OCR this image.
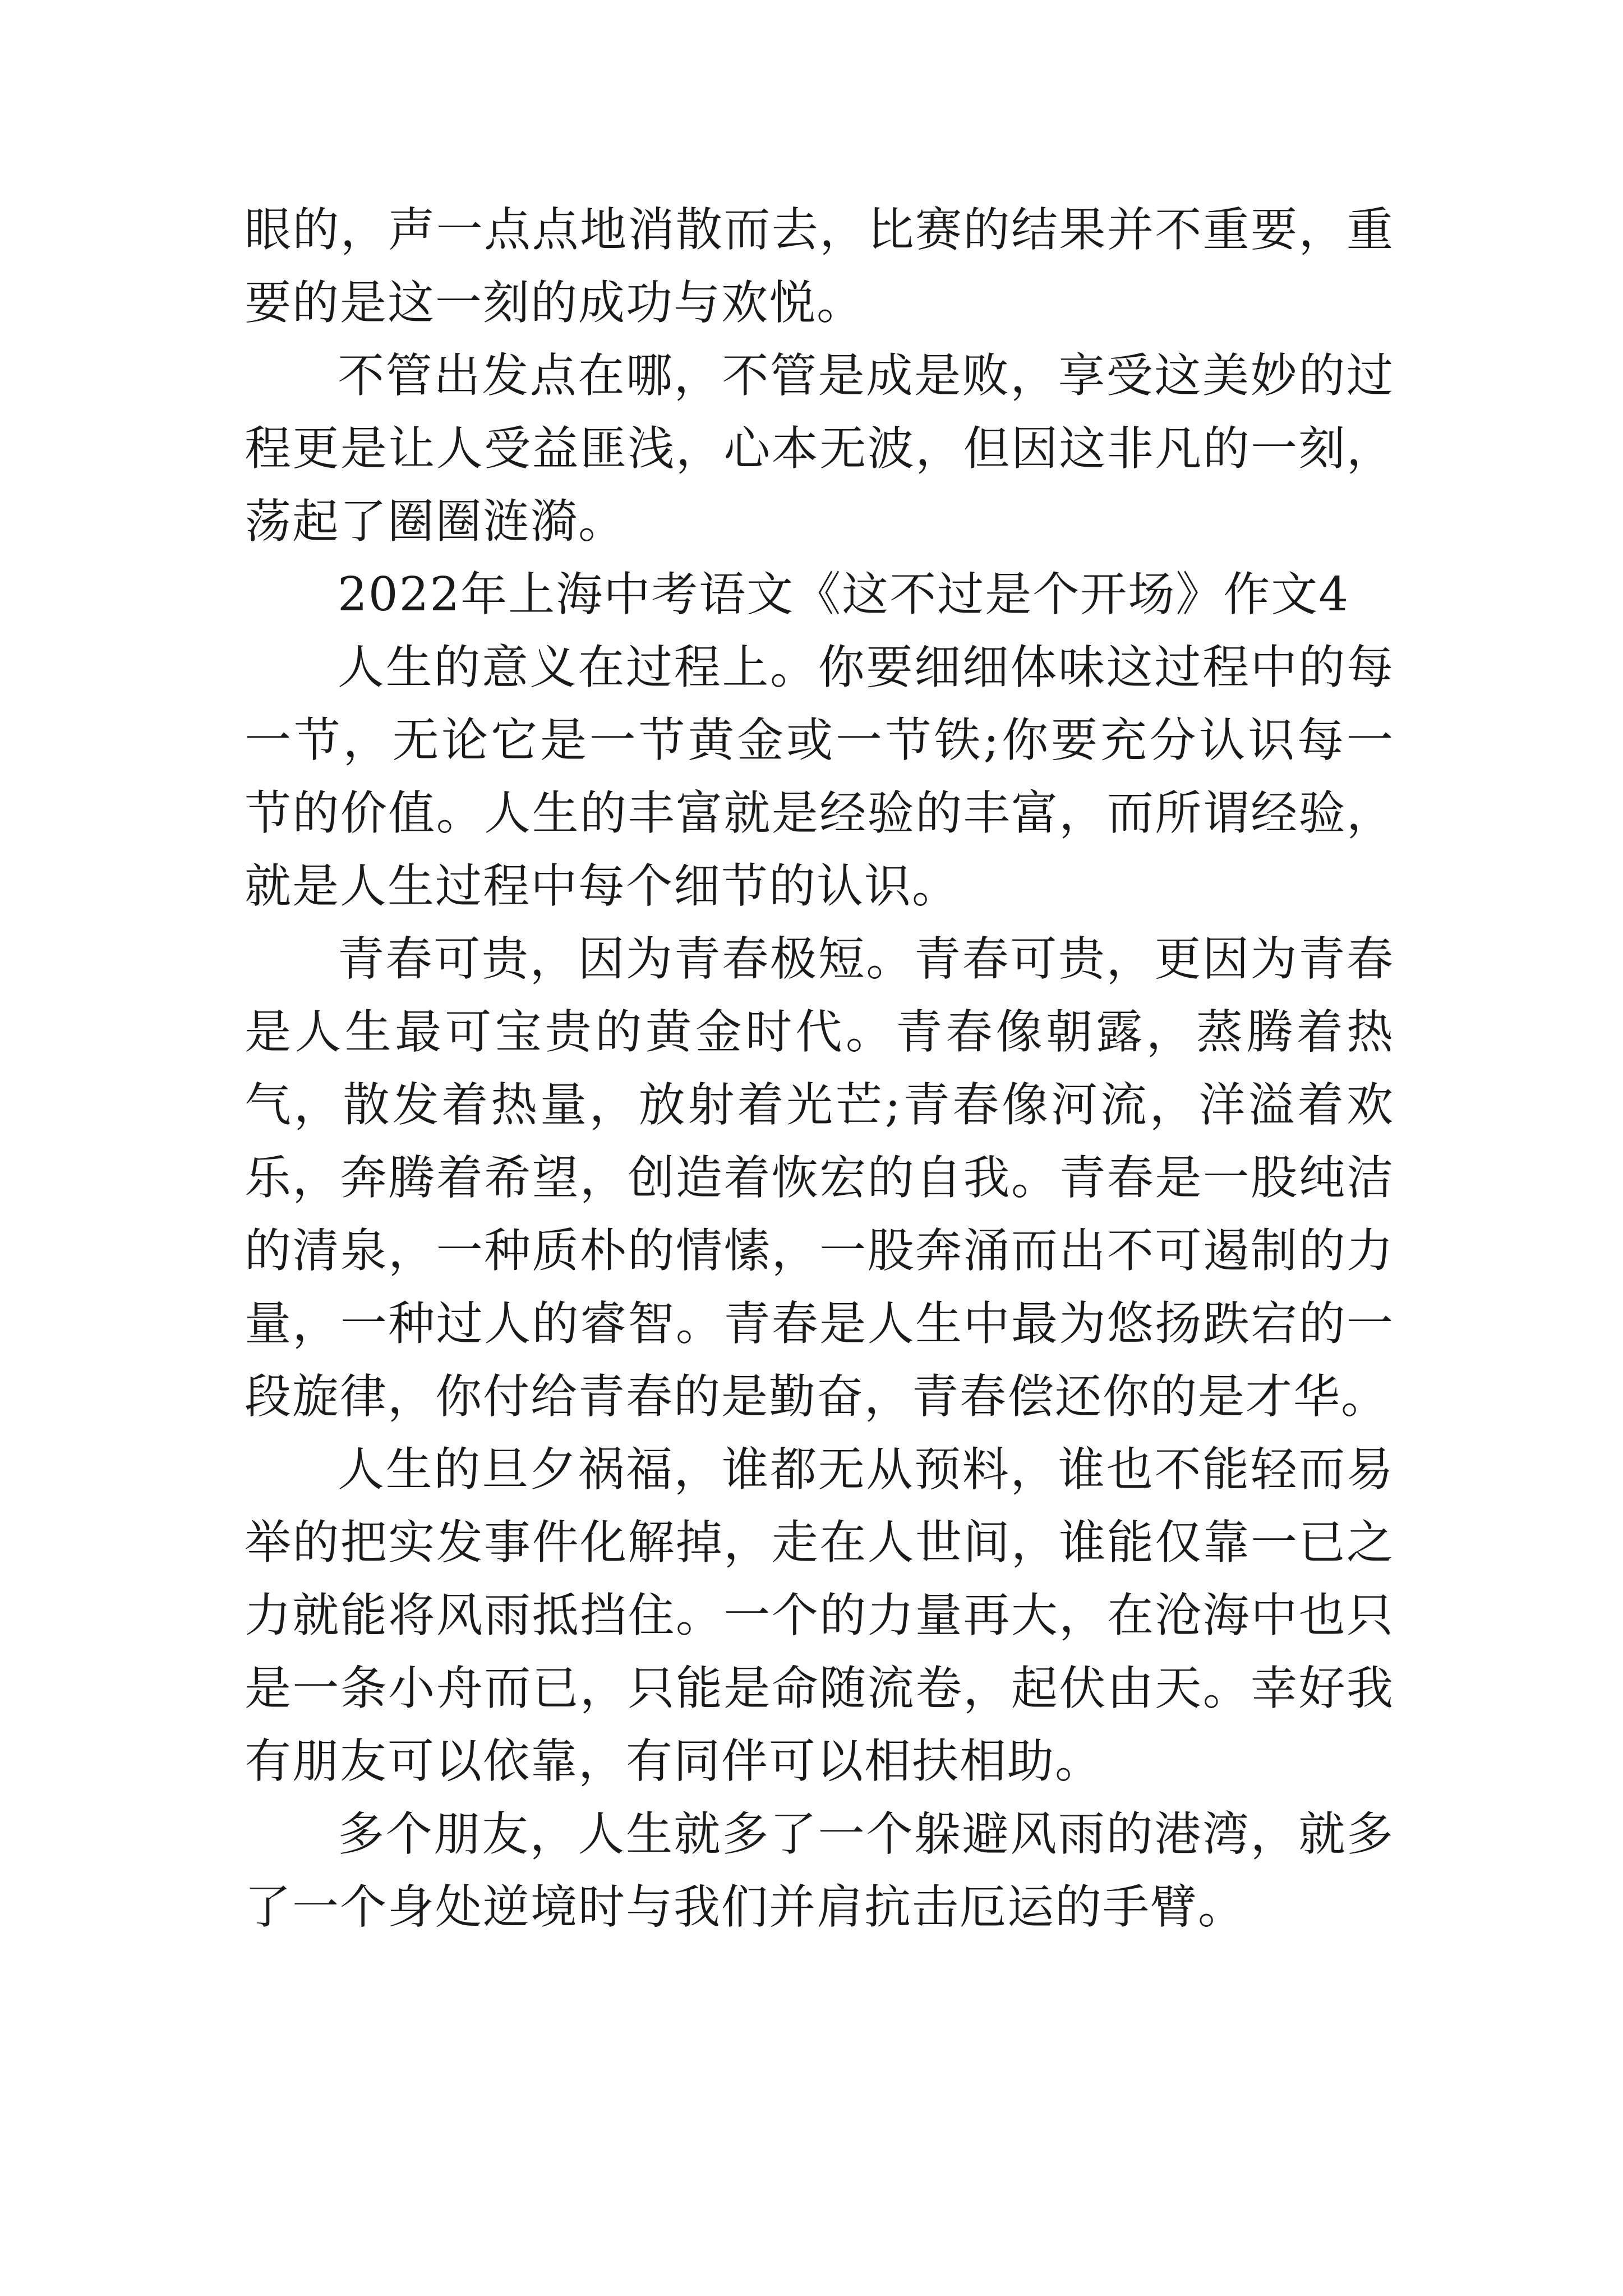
眼的，声一点点地消散而去，比赛的结果并不重要，重要的是这一刻的成功与欢悦。

不管出发点在哪，不管是成是败，享受这美妙的过程更是让人受益匪浅，心本无波，但因这非凡的一刻，荡起了圈圈涟漪。

2022年上海中考语文《这不过是个开场》作文4

人生的意义在过程上。你要细细体味这过程中的每一节，无论它是一节黄金或一节铁;你要充分认识每一节的价值。人生的丰富就是经验的丰富，而所谓经验，就是人生过程中每个细节的认识。

青春可贵，因为青春极短。青春可贵，更因为青春是人生最可宝贵的黄金时代。青春像朝露，蒸腾着热气，散发着热量，放射着光芒;青春像河流，洋溢着欢乐，奔腾着希望，创造着恢宏的自我。青春是一股纯洁的清泉，一种质朴的情愫，一股奔涌而出不可遏制的力量，一种过人的睿智。青春是人生中最为悠扬跌宕的一段旋律，你付给青春的是勤奋，青春偿还你的是才华。

人生的旦夕祸福，谁都无从预料，谁也不能轻而易举的把实发事件化解掉，走在人世间，谁能仅靠一已之力就能将风雨抵挡住。一个的力量再大，在沧海中也只是一条小舟而已，只能是命随流卷，起伏由天。幸好我有朋友可以依靠，有同伴可以相扶相助。

多个朋友，人生就多了一个躲避风雨的港湾，就多了一个身处逆境时与我们并肩抗击厄运的手臂。
